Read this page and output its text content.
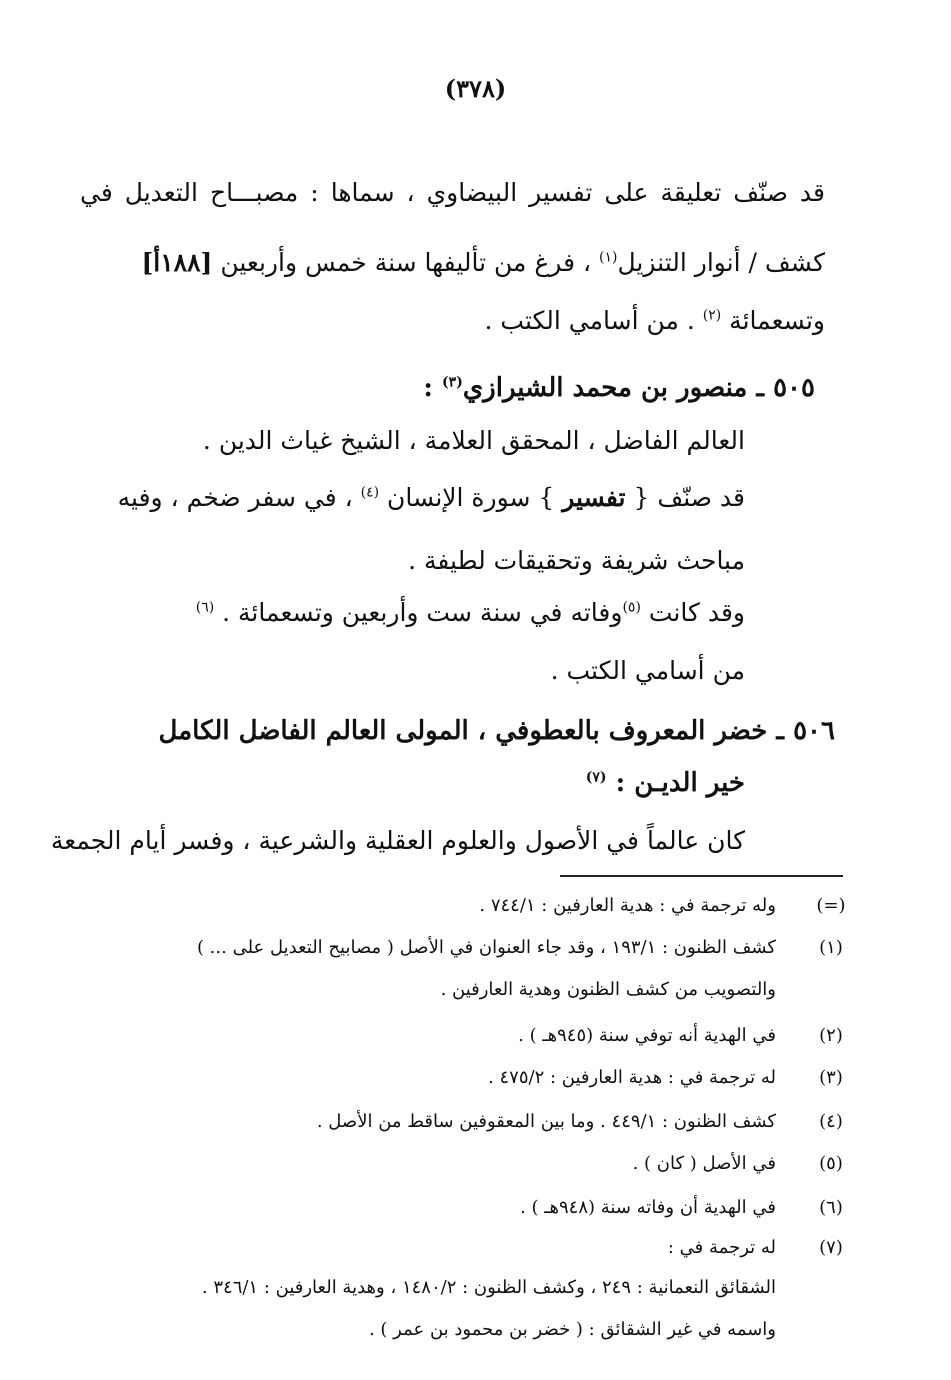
(٣٧٨)
قد صنّف تعليقة على تفسير البيضاوي ، سماها : مصبـــاح التعديل في
كشف / أنوار التنزيل$^{(١)}$ ، فرغ من تأليفها سنة خمس وأربعين [١٨٨أ]
وتسعمائة $^{(٢)}$ . من أسامي الكتب .
٥٠٥ ـ منصور بن محمد الشيرازي$^{(٣)}$ :
العالم الفاضل ، المحقق العلامة ، الشيخ غياث الدين .
قد صنّف { تفسير } سورة الإنسان $^{(٤)}$ ، في سفر ضخم ، وفيه
مباحث شريفة وتحقيقات لطيفة .
وقد كانت $^{(٥)}$وفاته في سنة ست وأربعين وتسعمائة . $^{(٦)}$
من أسامي الكتب .
٥٠٦ ـ خضر المعروف بالعطوفي ، المولى العالم الفاضل الكامل
خير الديـن : $^{(٧)}$
كان عالماً في الأصول والعلوم العقلية والشرعية ، وفسر أيام الجمعة
(=)
وله ترجمة في : هدية العارفين : ٧٤٤/١ .
(١)
كشف الظنون : ١٩٣/١ ، وقد جاء العنوان في الأصل ( مصابيح التعديل على ... )
والتصويب من كشف الظنون وهدية العارفين .
(٢)
في الهدية أنه توفي سنة (٩٤٥هـ ) .
(٣)
له ترجمة في : هدية العارفين : ٤٧٥/٢ .
(٤)
كشف الظنون : ٤٤٩/١ . وما بين المعقوفين ساقط من الأصل .
(٥)
في الأصل ( كان ) .
(٦)
في الهدية أن وفاته سنة (٩٤٨هـ ) .
(٧)
له ترجمة في :
الشقائق النعمانية : ٢٤٩ ، وكشف الظنون : ١٤٨٠/٢ ، وهدية العارفين : ٣٤٦/١ .
واسمه في غير الشقائق : ( خضر بن محمود بن عمر ) .
